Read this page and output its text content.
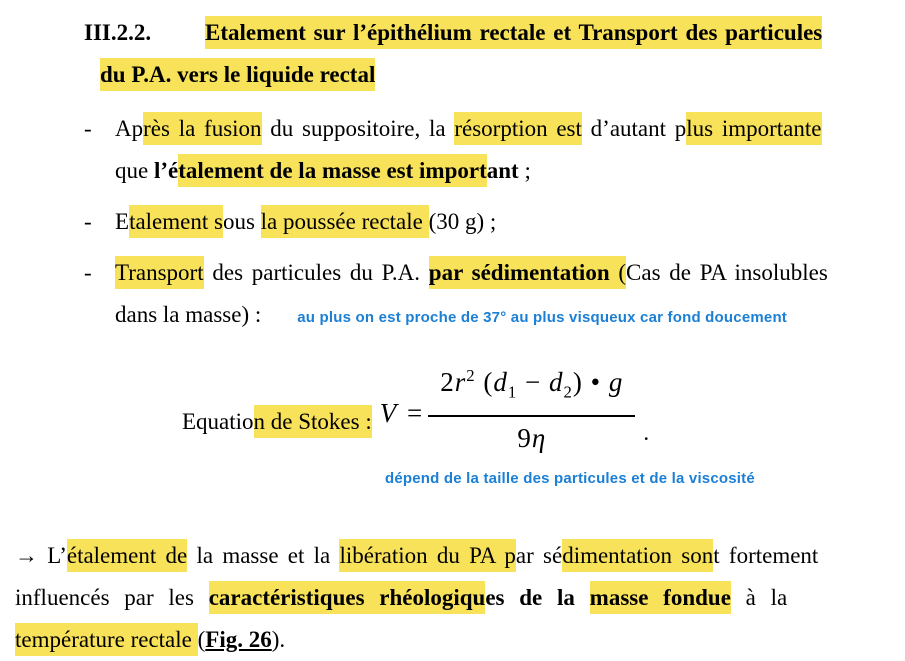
III.2.2. Etalement sur l’épithélium rectale et Transport des particules
du P.A. vers le liquide rectal
- Après la fusion du suppositoire, la résorption est d’autant plus importante
que l’étalement de la masse est important ;
- Etalement sous la poussée rectale (30 g) ;
- Transport des particules du P.A. par sédimentation (Cas de PA insolubles
dans la masse) : au plus on est proche de 37° au plus visqueux car fond doucement
Equation de Stokes : $V = \frac{2r^2 (d_1 - d_2) • g}{9\eta}$ .
dépend de la taille des particules et de la viscosité
→ L’étalement de la masse et la libération du PA par sédimentation sont fortement
influencés par les caractéristiques rhéologiques de la masse fondue à la
température rectale (Fig. 26).
